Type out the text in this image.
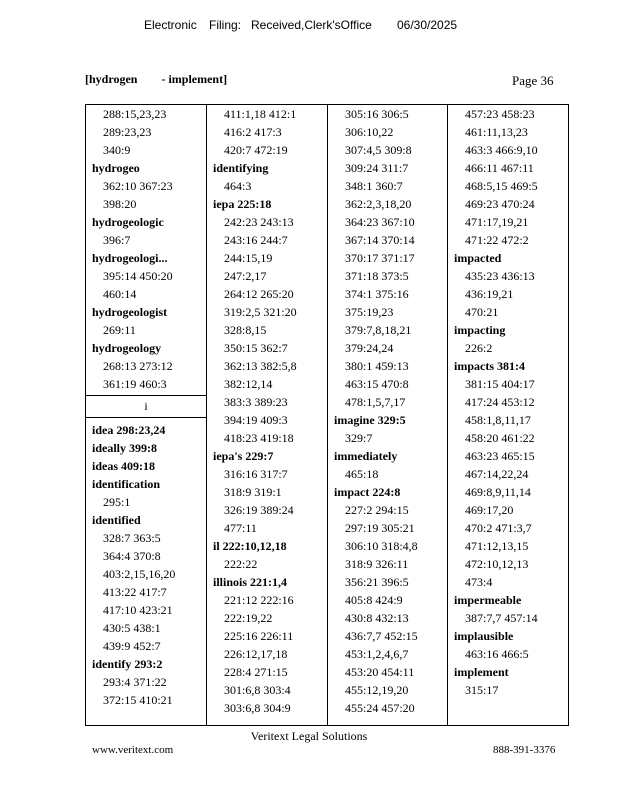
Electronic Filing: Received,Clerk'sOffice 06/30/2025
[hydrogen        - implement]	Page 36
288:15,23,23
289:23,23
340:9
hydrogeo
362:10 367:23
398:20
hydrogeologic
396:7
hydrogeologi...
395:14 450:20
460:14
hydrogeologist
269:11
hydrogeology
268:13 273:12
361:19 460:3
i
idea 298:23,24
ideally 399:8
ideas 409:18
identification
295:1
identified
328:7 363:5
364:4 370:8
403:2,15,16,20
413:22 417:7
417:10 423:21
430:5 438:1
439:9 452:7
identify 293:2
293:4 371:22
372:15 410:21
411:1,18 412:1
416:2 417:3
420:7 472:19
identifying
464:3
iepa 225:18
242:23 243:13
243:16 244:7
244:15,19
247:2,17
264:12 265:20
319:2,5 321:20
328:8,15
350:15 362:7
362:13 382:5,8
382:12,14
383:3 389:23
394:19 409:3
418:23 419:18
iepa's 229:7
316:16 317:7
318:9 319:1
326:19 389:24
477:11
il 222:10,12,18
222:22
illinois 221:1,4
221:12 222:16
222:19,22
225:16 226:11
226:12,17,18
228:4 271:15
301:6,8 303:4
303:6,8 304:9
305:16 306:5
306:10,22
307:4,5 309:8
309:24 311:7
348:1 360:7
362:2,3,18,20
364:23 367:10
367:14 370:14
370:17 371:17
371:18 373:5
374:1 375:16
375:19,23
379:7,8,18,21
379:24,24
380:1 459:13
463:15 470:8
478:1,5,7,17
imagine 329:5
329:7
immediately
465:18
impact 224:8
227:2 294:15
297:19 305:21
306:10 318:4,8
318:9 326:11
356:21 396:5
405:8 424:9
430:8 432:13
436:7,7 452:15
453:1,2,4,6,7
453:20 454:11
455:12,19,20
455:24 457:20
457:23 458:23
461:11,13,23
463:3 466:9,10
466:11 467:11
468:5,15 469:5
469:23 470:24
471:17,19,21
471:22 472:2
impacted
435:23 436:13
436:19,21
470:21
impacting
226:2
impacts 381:4
381:15 404:17
417:24 453:12
458:1,8,11,17
458:20 461:22
463:23 465:15
467:14,22,24
469:8,9,11,14
469:17,20
470:2 471:3,7
471:12,13,15
472:10,12,13
473:4
impermeable
387:7,7 457:14
implausible
463:16 466:5
implement
315:17
Veritext Legal Solutions
www.veritext.com	888-391-3376
